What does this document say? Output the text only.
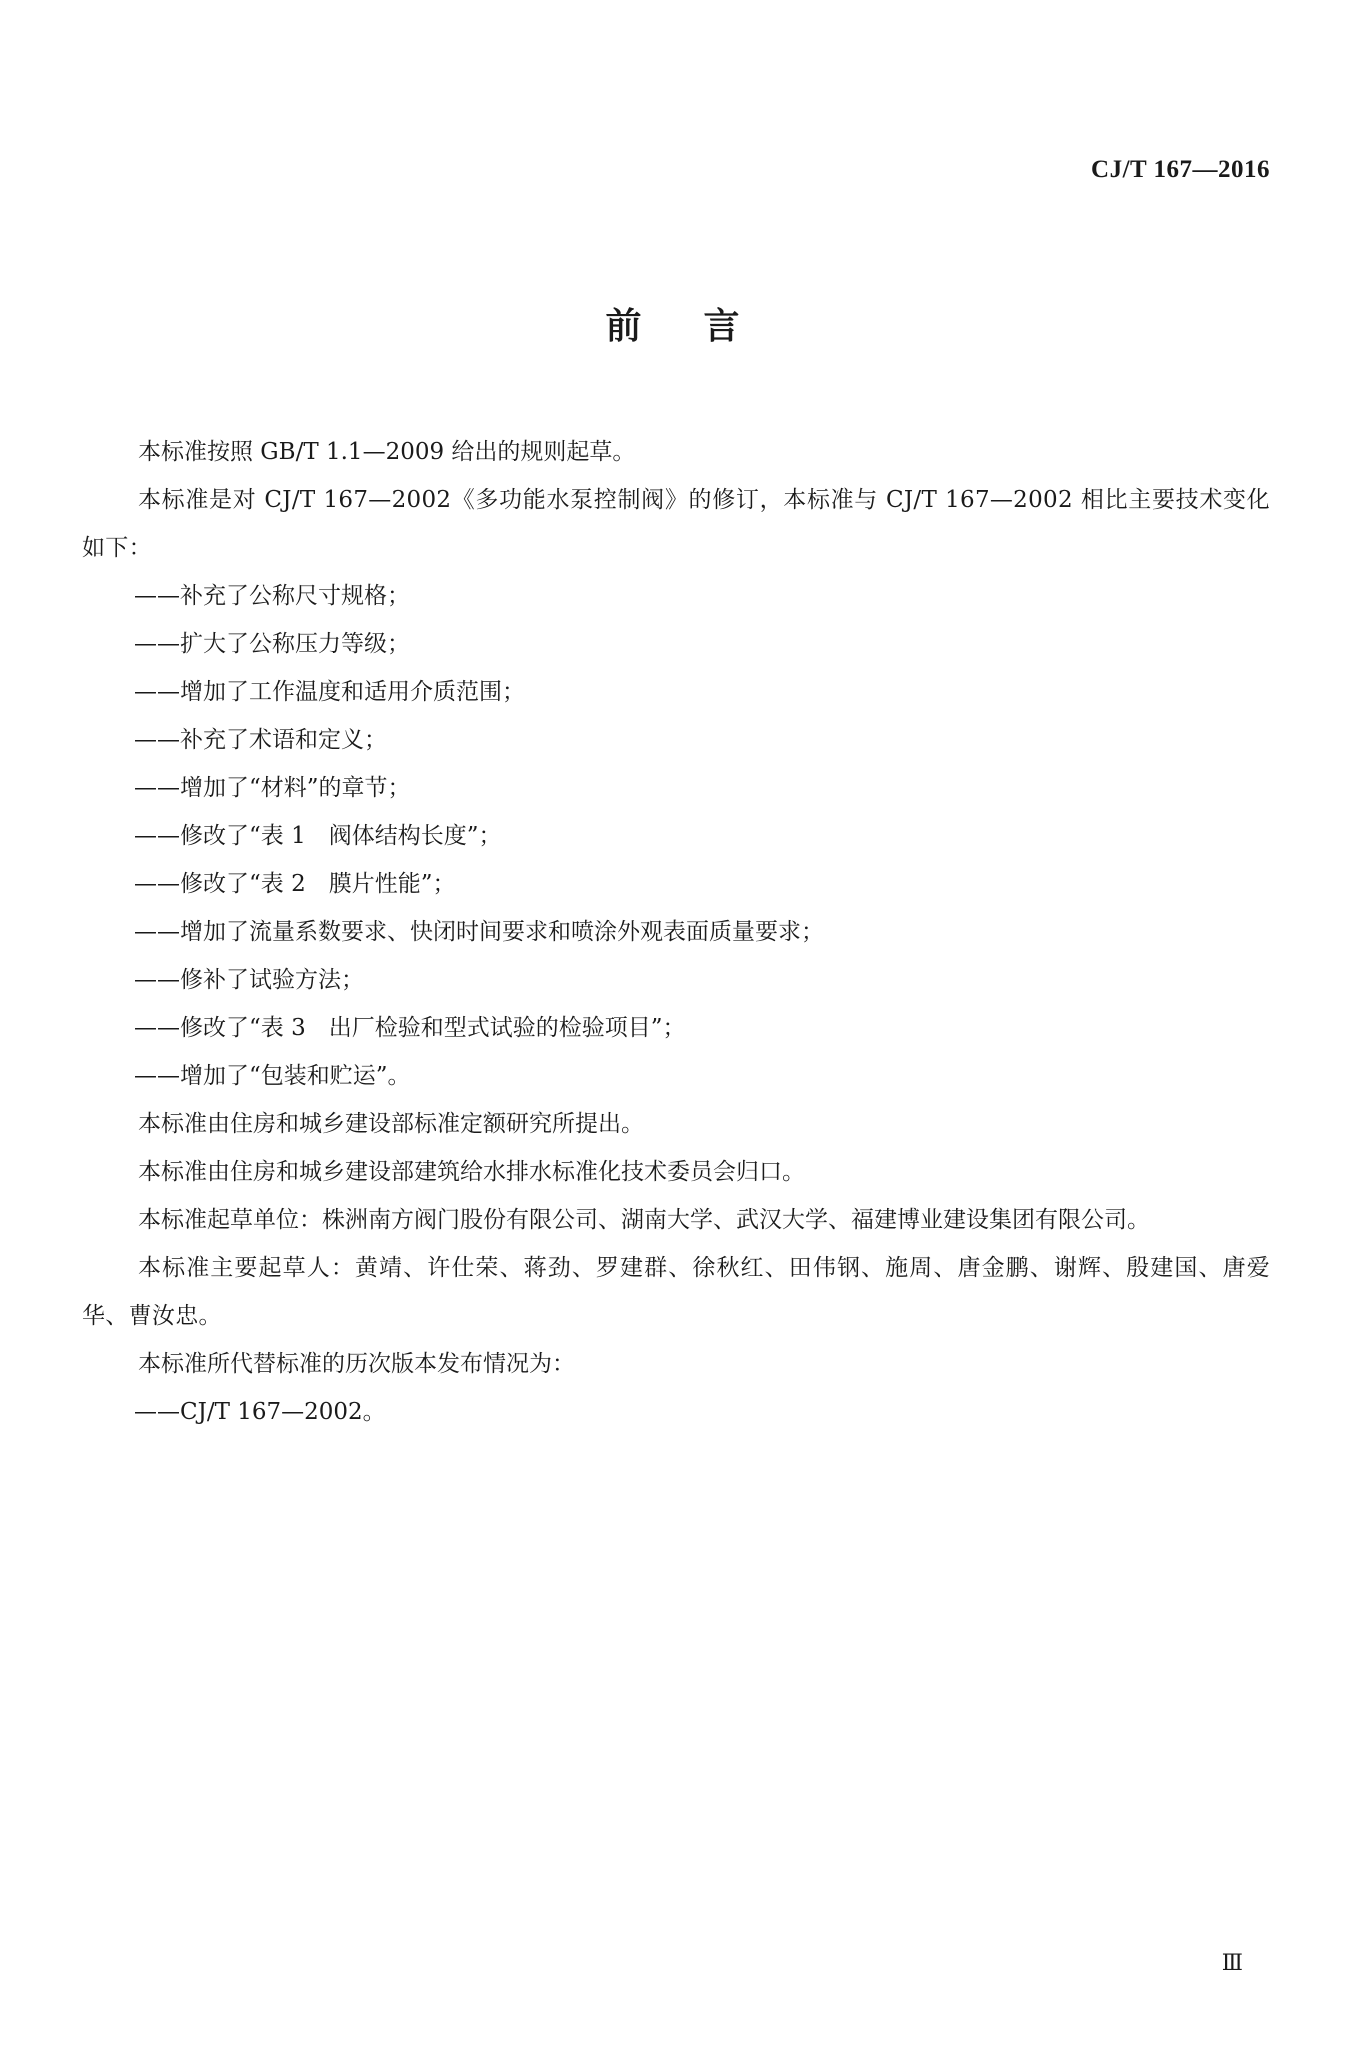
CJ/T 167—2016
前言

本标准按照 GB/T 1.1—2009 给出的规则起草。

本标准是对 CJ/T 167—2002《多功能水泵控制阀》的修订，本标准与 CJ/T 167—2002 相比主要技术变化如下：

——补充了公称尺寸规格；

——扩大了公称压力等级；

——增加了工作温度和适用介质范围；

——补充了术语和定义；

——增加了“材料”的章节；

——修改了“表 1　阀体结构长度”；

——修改了“表 2　膜片性能”；

——增加了流量系数要求、快闭时间要求和喷涂外观表面质量要求；

——修补了试验方法；

——修改了“表 3　出厂检验和型式试验的检验项目”；

——增加了“包装和贮运”。

本标准由住房和城乡建设部标准定额研究所提出。

本标准由住房和城乡建设部建筑给水排水标准化技术委员会归口。

本标准起草单位：株洲南方阀门股份有限公司、湖南大学、武汉大学、福建博业建设集团有限公司。

本标准主要起草人：黄靖、许仕荣、蒋劲、罗建群、徐秋红、田伟钢、施周、唐金鹏、谢辉、殷建国、唐爱华、曹汝忠。

本标准所代替标准的历次版本发布情况为：

——CJ/T 167—2002。

Ⅲ
